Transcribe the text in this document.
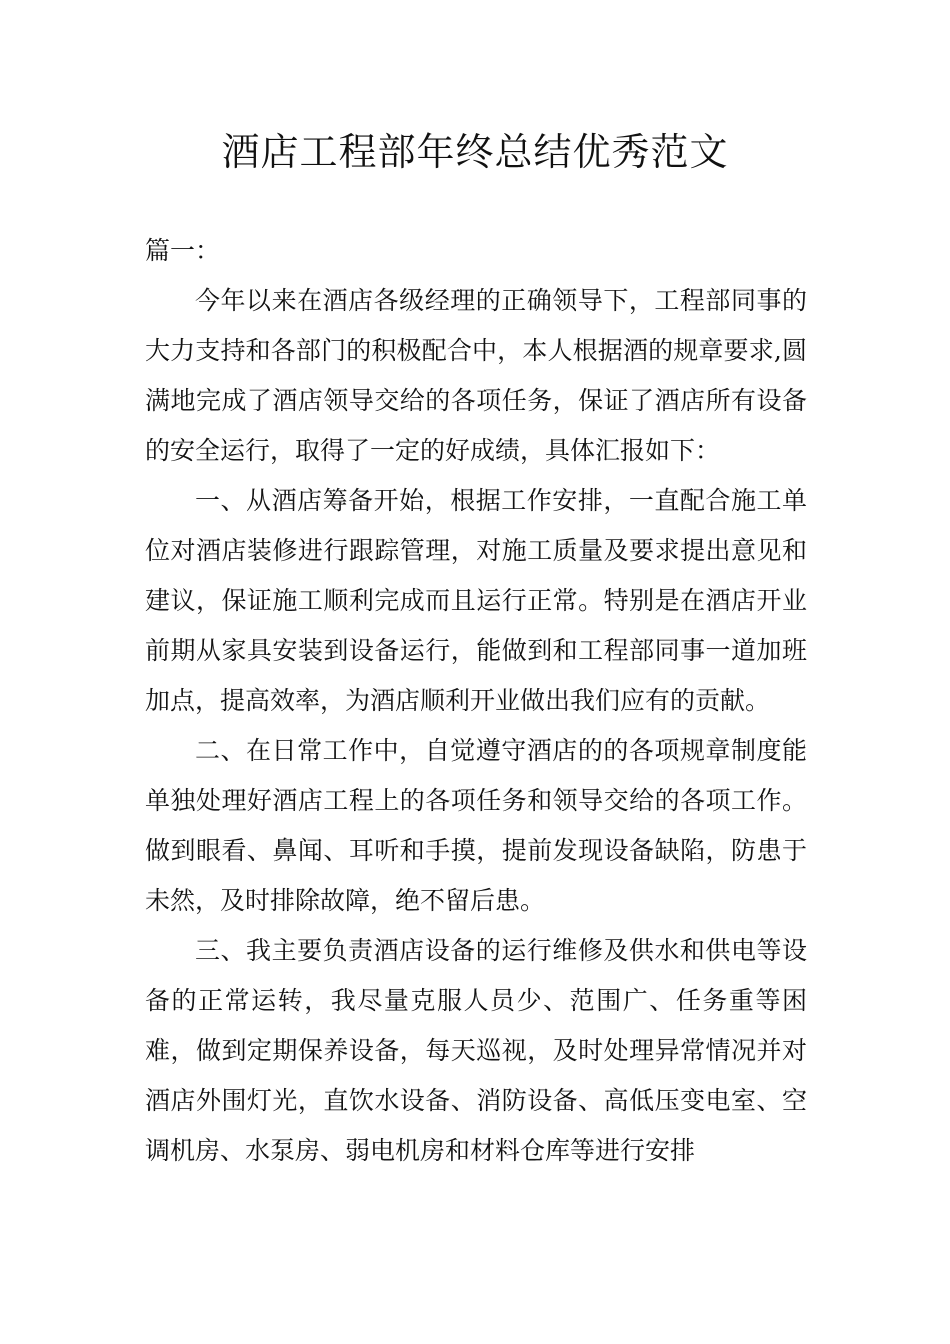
酒店工程部年终总结优秀范文

篇一：

今年以来在酒店各级经理的正确领导下，工程部同事的大力支持和各部门的积极配合中，本人根据酒的规章要求,圆满地完成了酒店领导交给的各项任务，保证了酒店所有设备的安全运行，取得了一定的好成绩，具体汇报如下：

一、从酒店筹备开始，根据工作安排，一直配合施工单位对酒店装修进行跟踪管理，对施工质量及要求提出意见和建议，保证施工顺利完成而且运行正常。特别是在酒店开业前期从家具安装到设备运行，能做到和工程部同事一道加班加点，提高效率，为酒店顺利开业做出我们应有的贡献。

二、在日常工作中，自觉遵守酒店的的各项规章制度能单独处理好酒店工程上的各项任务和领导交给的各项工作。做到眼看、鼻闻、耳听和手摸，提前发现设备缺陷，防患于未然，及时排除故障，绝不留后患。

三、我主要负责酒店设备的运行维修及供水和供电等设备的正常运转，我尽量克服人员少、范围广、任务重等困难，做到定期保养设备，每天巡视，及时处理异常情况并对酒店外围灯光，直饮水设备、消防设备、高低压变电室、空调机房、水泵房、弱电机房和材料仓库等进行安排
